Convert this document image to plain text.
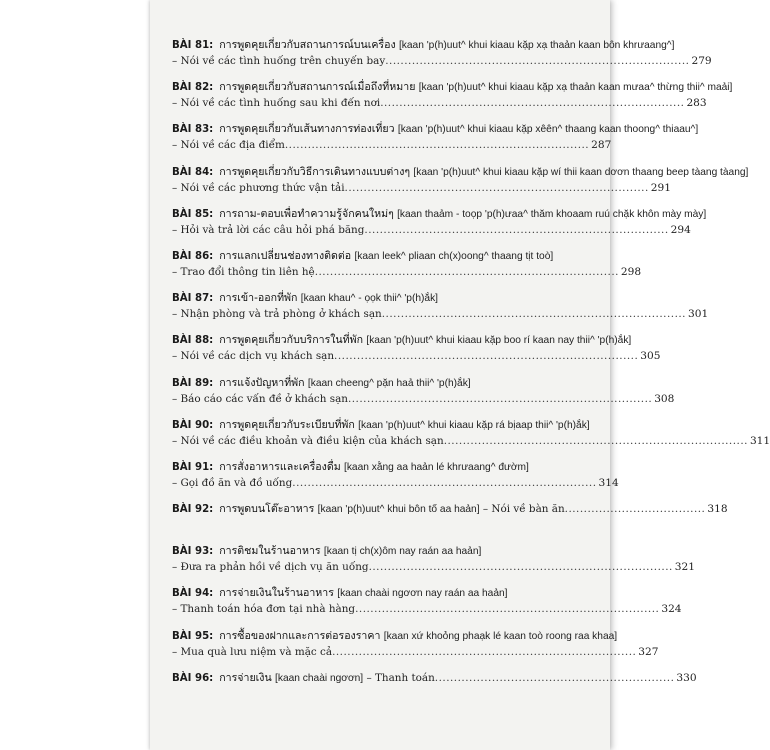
BÀI 81: การพูดคุยเกี่ยวกับสถานการณ์บนเครื่อง [kaan 'p(h)uut^ khui kiaau kặp xạ thaản kaan bôn khrưaang^]
– Nói về các tình huống trên chuyến bay ................................................................................ 279
BÀI 82: การพูดคุยเกี่ยวกับสถานการณ์เมื่อถึงที่หมาย [kaan 'p(h)uut^ khui kiaau kặp xạ thaản kaan mưaa^ thừng thii^ maải]
– Nói về các tình huống sau khi đến nơi ................................................................................ 283
BÀI 83: การพูดคุยเกี่ยวกับเส้นทางการท่องเที่ยว [kaan 'p(h)uut^ khui kiaau kặp xêên^ thaang kaan thoong^ thiaau^]
– Nói về các địa điểm ................................................................................ 287
BÀI 84: การพูดคุยเกี่ยวกับวิธีการเดินทางแบบต่างๆ [kaan 'p(h)uut^ khui kiaau kặp wí thii kaan dơơn thaang beep tàang tàang]
– Nói về các phương thức vận tải ................................................................................ 291
BÀI 85: การถาม-ตอบเพื่อทำความรู้จักคนใหม่ๆ [kaan thaảm - toọp 'p(h)ưaa^ thăm khoaam ruú chặk khôn mày mày]
– Hỏi và trả lời các câu hỏi phá băng ................................................................................ 294
BÀI 86: การแลกเปลี่ยนช่องทางติดต่อ [kaan leek^ pliaan ch(x)oong^ thaang tịt toò]
– Trao đổi thông tin liên hệ ................................................................................ 298
BÀI 87: การเข้า-ออกที่พัก [kaan khau^ - ọọk thii^ 'p(h)ắk]
– Nhận phòng và trả phòng ở khách sạn ................................................................................ 301
BÀI 88: การพูดคุยเกี่ยวกับบริการในที่พัก [kaan 'p(h)uut^ khui kiaau kặp boo rí kaan nay thii^ 'p(h)ắk]
– Nói về các dịch vụ khách sạn ................................................................................ 305
BÀI 89: การแจ้งปัญหาที่พัก [kaan cheeng^ pặn haả thii^ 'p(h)ắk]
– Báo cáo các vấn đề ở khách sạn ................................................................................ 308
BÀI 90: การพูดคุยเกี่ยวกับระเบียบที่พัก [kaan 'p(h)uut^ khui kiaau kặp rá bịaap thii^ 'p(h)ắk]
– Nói về các điều khoản và điều kiện của khách sạn ................................................................................ 311
BÀI 91: การสั่งอาหารและเครื่องดื่ม [kaan xằng aa haản lé khrưaang^ đườm]
– Gọi đồ ăn và đồ uống ................................................................................ 314
BÀI 92: การพูดบนโต๊ะอาหาร [kaan 'p(h)uut^ khui bôn tố aa haản] – Nói về bàn ăn ..................................... 318
BÀI 93: การติชมในร้านอาหาร [kaan tị ch(x)ôm nay raán aa haản]
– Đưa ra phản hồi về dịch vụ ăn uống ................................................................................ 321
BÀI 94: การจ่ายเงินในร้านอาหาร [kaan chaài ngơơn nay raán aa haản]
– Thanh toán hóa đơn tại nhà hàng ................................................................................ 324
BÀI 95: การซื้อของฝากและการต่อรองราคา [kaan xứ khoỏng phaạk lé kaan toò roong raa khaa]
– Mua quà lưu niệm và mặc cả ................................................................................ 327
BÀI 96: การจ่ายเงิน [kaan chaài ngơơn] – Thanh toán ............................................................... 330
